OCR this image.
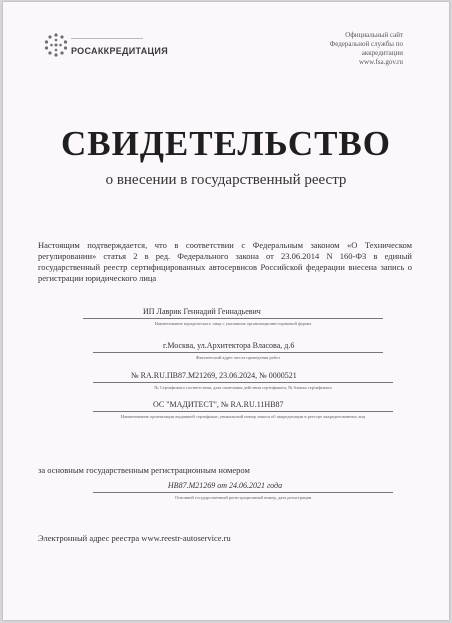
РОСАККРЕДИТАЦИЯ
Официальный сайт
Федеральной службы по
аккредитации
www.fsa.gov.ru
СВИДЕТЕЛЬСТВО
о внесении в государственный реестр
Настоящим подтверждается, что в соответствии с Федеральным законом «О Техническом регулировании» статья 2 в ред. Федерального закона от 23.06.2014 N 160-ФЗ в единый государственный реестр сертифицированных автосервисов Российской федерации внесена запись о регистрации юридического лица
ИП Лаврик Геннадий Геннадьевич
Наименование юридического лица с указанием организационно-правовой формы
г.Москва, ул.Архитектора Власова, д.6
Фактический адрес места проведения работ
№ RA.RU.ПВ87.M21269, 23.06.2024, № 0000521
№ Сертификата соответствия, дата окончания действия сертификата, № бланка сертификата
ОС "МАДИТЕСТ", № RA.RU.11НВ87
Наименование организации выдавшей сертификат, уникальный номер записи об аккредитации в реестре аккредитованных лиц
за основным государственным регистрационным номером
НВ87.M21269 от 24.06.2021 года
Основной государственный регистрационный номер, дата регистрации
Электронный адрес реестра www.reestr-autoservice.ru
